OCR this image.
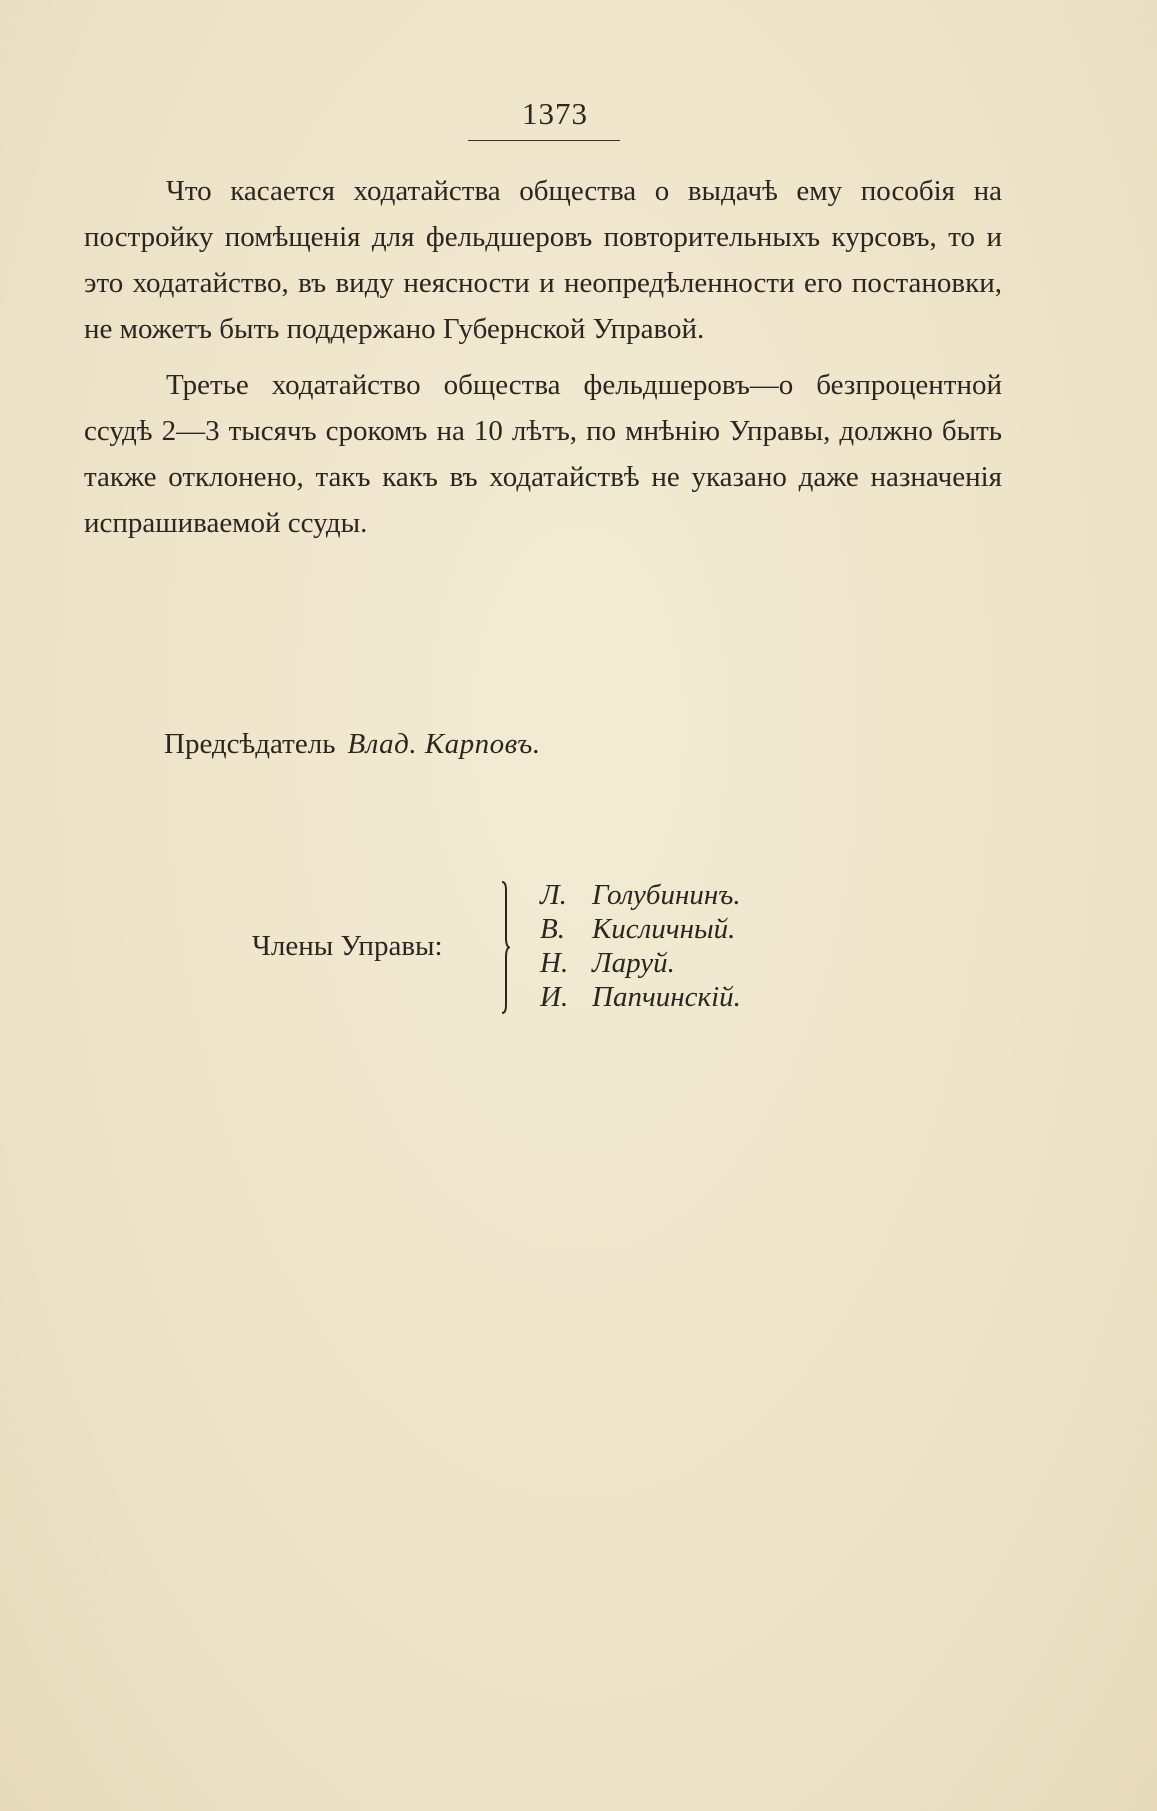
1373

Что касается ходатайства общества о выдачѣ ему пособія на постройку помѣщенія для фельдшеровъ повторительныхъ курсовъ, то и это ходатайство, въ виду неясности и неопредѣленности его постановки, не можетъ быть поддержано Губернской Управой.

Третье ходатайство общества фельдшеровъ—о безпроцентной ссудѣ 2—3 тысячъ срокомъ на 10 лѣтъ, по мнѣнію Управы, должно быть также отклонено, такъ какъ въ ходатайствѣ не указано даже назначенія испрашиваемой ссуды.

Предсѣдатель Влад. Карповъ.
Члены Управы:
Л. Голубининъ.
В. Кисличный.
Н. Ларуй.
И. Папчинскій.
